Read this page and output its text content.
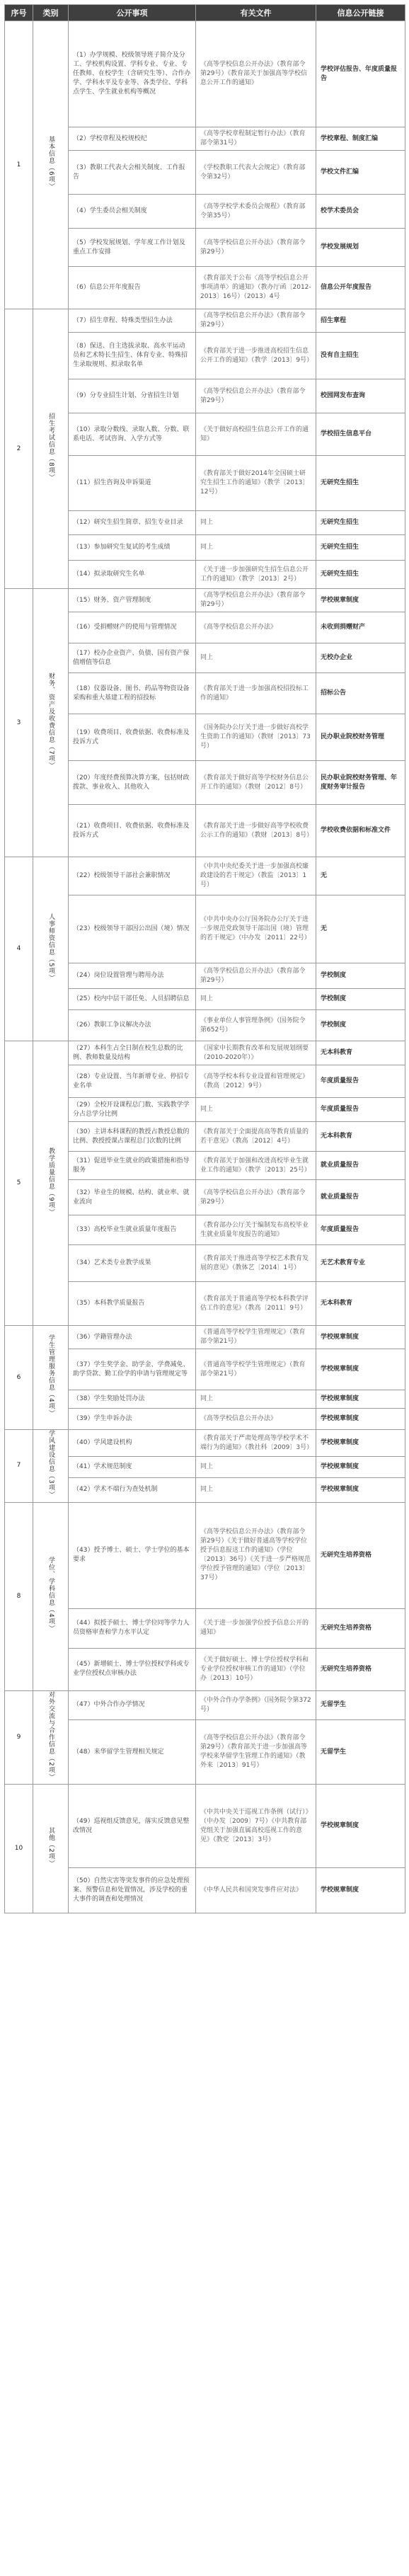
序号	类别	公开事项	有关文件	信息公开链接
1	基本信息（6项）	（1）办学规模、校级领导班子简介及分工、学校机构设置、学科专业、专业、专任教师、在校学生（含研究生等）、合作办学、学科水平及专业等、各类学位、学科点学生、学生就业机构等概况	《高等学校信息公开办法》（教育部令第29号）《教育部关于加强高等学校信息公开工作的通知》	学校评估报告、年度质量报告
		（2）学校章程及校规校纪	《高等学校章程制定暂行办法》（教育部令第31号）	学校章程、制度汇编
		（3）教职工代表大会相关制度、工作报告	《学校教职工代表大会规定》（教育部令第32号）	学校文件汇编
		（4）学生委员会相关制度	《高等学校学术委员会规程》（教育部令第35号）	校学术委员会
		（5）学校发展规划、学年度工作计划及重点工作安排	《高等学校信息公开办法》（教育部令第29号）	学校发展规划
		（6）信息公开年度报告	《教育部关于公布〈高等学校信息公开事项清单〉的通知》（教办厅函〔2012-2013〕16号）（2013）4号	信息公开年度报告
2	招生考试信息（8项）	（7）招生章程、特殊类型招生办法	《高等学校信息公开办法》（教育部令第29号）	招生章程
		（8）保送、自主选拔录取、高水平运动员和艺术特长生招生、体育专业、特殊招生录取规则、拟录取名单	《教育部关于进一步推进高校招生信息公开工作的通知》（教学〔2013〕9号）	没有自主招生
		（9）分专业招生计划、分省招生计划	《高等学校信息公开办法》（教育部令第29号）	校园网发布查询
		（10）录取分数线、录取人数、分数、联系电话、考试咨询、入学方式等	《关于做好高校招生信息公开工作的通知》	学校招生信息平台
		（11）招生咨询及申诉渠道	《教育部关于做好2014年全国硕士研究生招生工作的通知》（教学〔2013〕12号）	无研究生招生
		（12）研究生招生简章、招生专业目录	同上	无研究生招生
		（13）参加研究生复试的考生成绩	同上	无研究生招生
		（14）拟录取研究生名单	《关于进一步加强研究生招生信息公开工作的通知》（教学〔2013〕2号）	无研究生招生
3	财务、资产及收费信息（7项）	（15）财务、资产管理制度	《高等学校信息公开办法》（教育部令第29号）	学校规章制度
		（16）受捐赠财产的使用与管理情况	《高等学校信息公开办法》	未收到捐赠财产
		（17）校办企业资产、负债、国有资产保值增值等信息	同上	无校办企业
		（18）仪器设备、图书、药品等物资设备采购和重大基建工程的招投标	《教育部关于进一步加强高校招投标工作的通知》	招标公告
		（19）收费项目、收费依据、收费标准及投诉方式	《国务院办公厅关于进一步做好高校学生资助工作的通知》（教财〔2013〕73号）	民办职业院校财务管理
		（20）年度经费预算决算方案，包括财政拨款、事业收入、其他收入	《教育部关于做好高等学校财务信息公开工作的通知》（教财〔2012〕8号）	民办职业院校财务管理、年度财务审计报告
		（21）收费项目、收费依据、收费标准及投诉方式	《教育部关于进一步做好高等学校收费公示工作的通知》（教财〔2013〕8号）	学校收费依据和标准文件
4	人事师资信息（5项）	（22）校级领导干部社会兼职情况	《中共中央纪委关于进一步加强高校廉政建设的若干规定》（教监〔2013〕1号）	无
		（23）校级领导干部因公出国（境）情况	《中共中央办公厅国务院办公厅关于进一步规范党政领导干部出国（境）管理的若干规定》（中办发〔2011〕22号）	无
		（24）岗位设置管理与聘用办法	《高等学校信息公开办法》（教育部令第29号）	学校制度
		（25）校内中层干部任免、人员招聘信息	同上	学校制度
		（26）教职工争议解决办法	《事业单位人事管理条例》（国务院令第652号）	学校制度
5	教学质量信息（9项）	（27）本科生占全日制在校生总数的比例、教师数量及结构	《国家中长期教育改革和发展规划纲要（2010-2020年）》	无本科教育
		（28）专业设置、当年新增专业、停招专业名单	《高等学校本科专业设置和管理规定》（教高〔2012〕9号）	年度质量报告
		（29）全校开设课程总门数、实践教学学分占总学分比例	同上	年度质量报告
		（30）主讲本科课程的教授占教授总数的比例、教授授课占课程总门次数的比例	《教育部关于全面提高高等教育质量的若干意见》（教高〔2012〕4号）	无本科教育
		（31）促进毕业生就业的政策措施和指导服务	《教育部关于加强和改进高校毕业生就业工作的通知》（教学〔2013〕25号）	就业质量报告
		（32）毕业生的规模、结构、就业率、就业流向	《高等学校信息公开办法》（教育部令第29号）	就业质量报告
		（33）高校毕业生就业质量年度报告	《教育部办公厅关于编制发布高校毕业生就业质量年度报告的通知》	年度质量报告
		（34）艺术类专业教学成果	《教育部关于推进高等学校艺术教育发展的意见》（教体艺〔2014〕1号）	无艺术教育专业
		（35）本科教学质量报告	《教育部关于普通高等学校本科教学评估工作的意见》（教高〔2011〕9号）	无本科教育
6	学生管理服务信息（4项）	（36）学籍管理办法	《普通高等学校学生管理规定》（教育部令第21号）	学校规章制度
		（37）学生奖学金、助学金、学费减免、助学贷款、勤工俭学的申请与管理规定等	《普通高等学校学生管理规定》（教育部令第21号）	学校规章制度
		（38）学生奖励处罚办法	同上	学校规章制度
		（39）学生申诉办法	《高等学校信息公开办法》	学校规章制度
7	学风建设信息（3项）	（40）学风建设机构	《教育部关于严肃处理高等学校学术不端行为的通知》（教社科〔2009〕3号）	学校规章制度
		（41）学术规范制度	同上	学校规章制度
		（42）学术不端行为查处机制	同上	学校规章制度
8	学位、学科信息（4项）	（43）授予博士、硕士、学士学位的基本要求	《高等学校信息公开办法》（教育部令第29号）《关于做好普通高等学校学位授予信息报送工作的通知》（学位〔2013〕36号）《关于进一步严格规范学位授予管理的通知》（学位〔2013〕37号）	无研究生培养资格
		（44）拟授予硕士、博士学位同等学力人员资格审查和学力水平认定	《关于进一步加强学位授予信息公开的通知》	无研究生培养资格
		（45）新增硕士、博士学位授权学科或专业学位授权点审核办法	《关于做好硕士、博士学位授权学科和专业学位授权审核工作的通知》（学位办〔2013〕10号）	无研究生培养资格
9	对外交流与合作信息（2项）	（47）中外合作办学情况	《中外合作办学条例》（国务院令第372号）	无留学生
		（48）来华留学生管理相关规定	《高等学校信息公开办法》（教育部令第29号）《教育部关于进一步加强高等学校来华留学生管理工作的通知》（教外来〔2013〕91号）	无留学生
10	其他（2项）	（49）巡视组反馈意见，落实反馈意见整改情况	《中共中央关于巡视工作条例（试行）》（中办发〔2009〕7号）《中共教育部党组关于加强直属高校巡视工作的意见》（教党〔2013〕3号）	学校规章制度
		（50）自然灾害等突发事件的应急处理预案、预警信息和处置情况，涉及学校的重大事件的调查和处理情况	《中华人民共和国突发事件应对法》	学校规章制度
